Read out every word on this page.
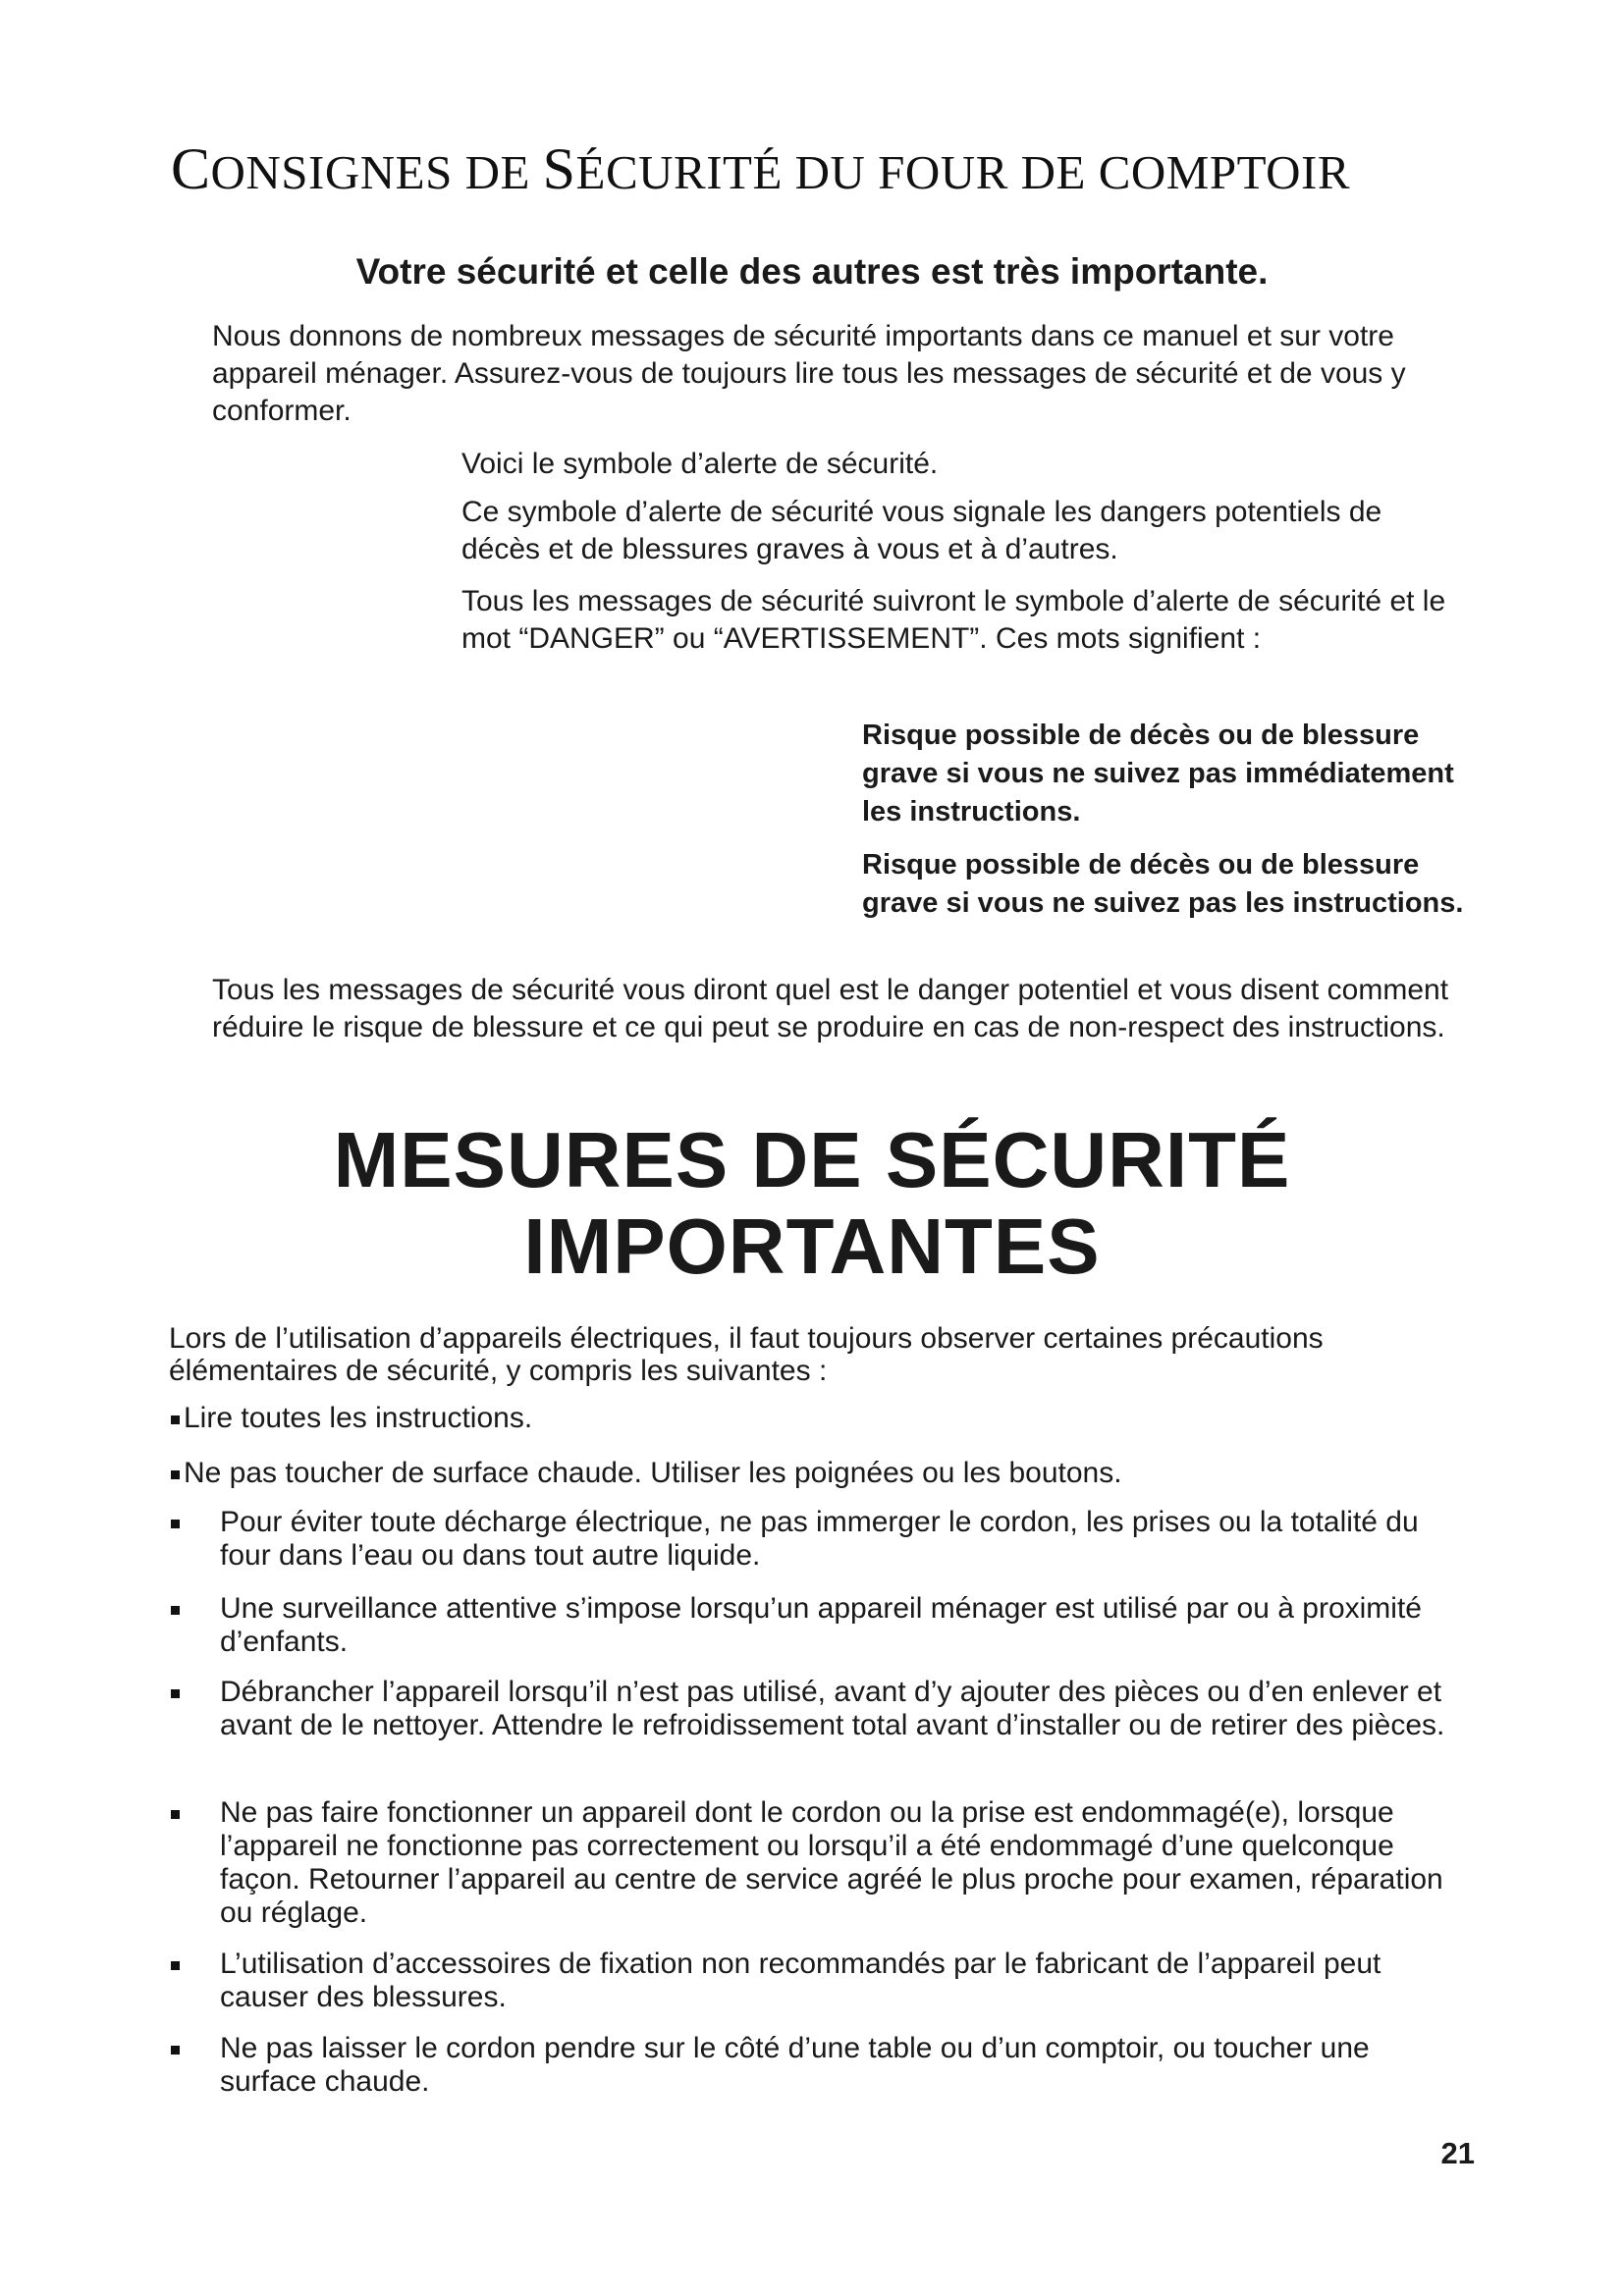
CONSIGNES DE SÉCURITÉ DU FOUR DE COMPTOIR
Votre sécurité et celle des autres est très importante.
Nous donnons de nombreux messages de sécurité importants dans ce manuel et sur votre appareil ménager. Assurez-vous de toujours lire tous les messages de sécurité et de vous y conformer.
Voici le symbole d’alerte de sécurité.
Ce symbole d’alerte de sécurité vous signale les dangers potentiels de décès et de blessures graves à vous et à d’autres.
Tous les messages de sécurité suivront le symbole d’alerte de sécurité et le mot “DANGER” ou “AVERTISSEMENT”. Ces mots signifient :
Risque possible de décès ou de blessure grave si vous ne suivez pas immédiatement les instructions.
Risque possible de décès ou de blessure grave si vous ne suivez pas les instructions.
Tous les messages de sécurité vous diront quel est le danger potentiel et vous disent comment réduire le risque de blessure et ce qui peut se produire en cas de non-respect des instructions.
MESURES DE SÉCURITÉ
IMPORTANTES
Lors de l’utilisation d’appareils électriques, il faut toujours observer certaines précautions élémentaires de sécurité, y compris les suivantes :
Lire toutes les instructions.
Ne pas toucher de surface chaude. Utiliser les poignées ou les boutons.
Pour éviter toute décharge électrique, ne pas immerger le cordon, les prises ou la totalité du four dans l’eau ou dans tout autre liquide.
Une surveillance attentive s’impose lorsqu’un appareil ménager est utilisé par ou à proximité d’enfants.
Débrancher l’appareil lorsqu’il n’est pas utilisé, avant d’y ajouter des pièces ou d’en enlever et avant de le nettoyer. Attendre le refroidissement total avant d’installer ou de retirer des pièces.
Ne pas faire fonctionner un appareil dont le cordon ou la prise est endommagé(e), lorsque l’appareil ne fonctionne pas correctement ou lorsqu’il a été endommagé d’une quelconque façon. Retourner l’appareil au centre de service agréé le plus proche pour examen, réparation ou réglage.
L’utilisation d’accessoires de fixation non recommandés par le fabricant de l’appareil peut causer des blessures.
Ne pas laisser le cordon pendre sur le côté d’une table ou d’un comptoir, ou toucher une surface chaude.
21
